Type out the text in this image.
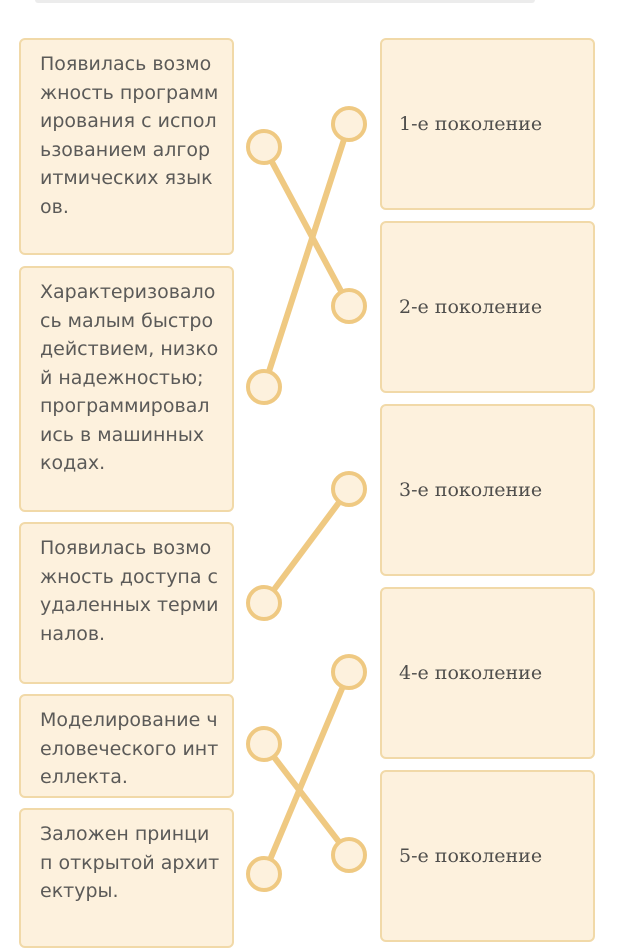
Появилась возможность программирования с использованием алгоритмических языков.
Характеризовалось малым быстродействием, низкой надежностью; программировались в машинных кодах.
Появилась возможность доступа с удаленных терминалов.
Моделирование человеческого интеллекта.
Заложен принцип открытой архитектуры.
1-е поколение
2-е поколение
3-е поколение
4-е поколение
5-е поколение
